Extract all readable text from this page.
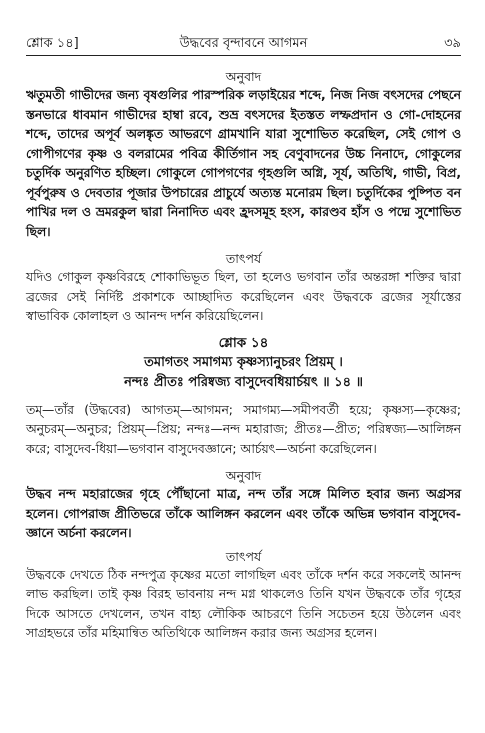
শ্লোক ১৪]	উদ্ধবের বৃন্দাবনে আগমন	৩৯
অনুবাদ

ঋতুমতী গাভীদের জন্য বৃষগুলির পারস্পরিক লড়াইয়ের শব্দে, নিজ নিজ বৎসদের পেছনে স্তনভারে ধাবমান গাভীদের হাম্বা রবে, শুভ্র বৎসদের ইতস্তত লম্ফপ্রদান ও গো-দোহনের শব্দে, তাদের অপূর্ব অলঙ্কৃত আভরণে গ্রামখানি যারা সুশোভিত করেছিল, সেই গোপ ও গোপীগণের কৃষ্ণ ও বলরামের পবিত্র কীর্তিগান সহ বেণুবাদনের উচ্চ নিনাদে, গোকুলের চতুর্দিক অনুরণিত হচ্ছিল। গোকুলে গোপগণের গৃহগুলি অগ্নি, সূর্য, অতিথি, গাভী, বিপ্র, পূর্বপুরুষ ও দেবতার পূজার উপচারের প্রাচুর্যে অত্যন্ত মনোরম ছিল। চতুর্দিকের পুষ্পিত বন পাখির দল ও ভ্রমরকুল দ্বারা নিনাদিত এবং হ্রদসমূহ হংস, কারণ্ডব হাঁস ও পদ্মে সুশোভিত ছিল।

তাৎপর্য

যদিও গোকুল কৃষ্ণবিরহে শোকাভিভূত ছিল, তা হলেও ভগবান তাঁর অন্তরঙ্গা শক্তির দ্বারা ব্রজের সেই নির্দিষ্ট প্রকাশকে আচ্ছাদিত করেছিলেন এবং উদ্ধবকে ব্রজের সূর্যাস্তের স্বাভাবিক কোলাহল ও আনন্দ দর্শন করিয়েছিলেন।

শ্লোক ১৪
তমাগতং সমাগম্য কৃষ্ণস্যানুচরং প্রিয়ম্ ।
নন্দঃ প্রীতঃ পরিষ্বজ্য বাসুদেবধিয়ার্চয়ৎ ॥ ১৪ ॥

তম্—তাঁর (উদ্ধবের) আগতম্—আগমন; সমাগম্য—সমীপবর্তী হয়ে; কৃষ্ণস্য—কৃষ্ণের; অনুচরম্—অনুচর; প্রিয়ম্—প্রিয়; নন্দঃ—নন্দ মহারাজ; প্রীতঃ—প্রীত; পরিষ্বজ্য—আলিঙ্গন করে; বাসুদেব-ধিয়া—ভগবান বাসুদেবজ্ঞানে; আর্চয়ৎ—অর্চনা করেছিলেন।

অনুবাদ

উদ্ধব নন্দ মহারাজের গৃহে পৌঁছানো মাত্র, নন্দ তাঁর সঙ্গে মিলিত হবার জন্য অগ্রসর হলেন। গোপরাজ প্রীতিভরে তাঁকে আলিঙ্গন করলেন এবং তাঁকে অভিন্ন ভগবান বাসুদেব-জ্ঞানে অর্চনা করলেন।

তাৎপর্য

উদ্ধবকে দেখতে ঠিক নন্দপুত্র কৃষ্ণের মতো লাগছিল এবং তাঁকে দর্শন করে সকলেই আনন্দ লাভ করছিল। তাই কৃষ্ণ বিরহ ভাবনায় নন্দ মগ্ন থাকলেও তিনি যখন উদ্ধবকে তাঁর গৃহের দিকে আসতে দেখলেন, তখন বাহ্য লৌকিক আচরণে তিনি সচেতন হয়ে উঠলেন এবং সাগ্রহভরে তাঁর মহিমান্বিত অতিথিকে আলিঙ্গন করার জন্য অগ্রসর হলেন।
